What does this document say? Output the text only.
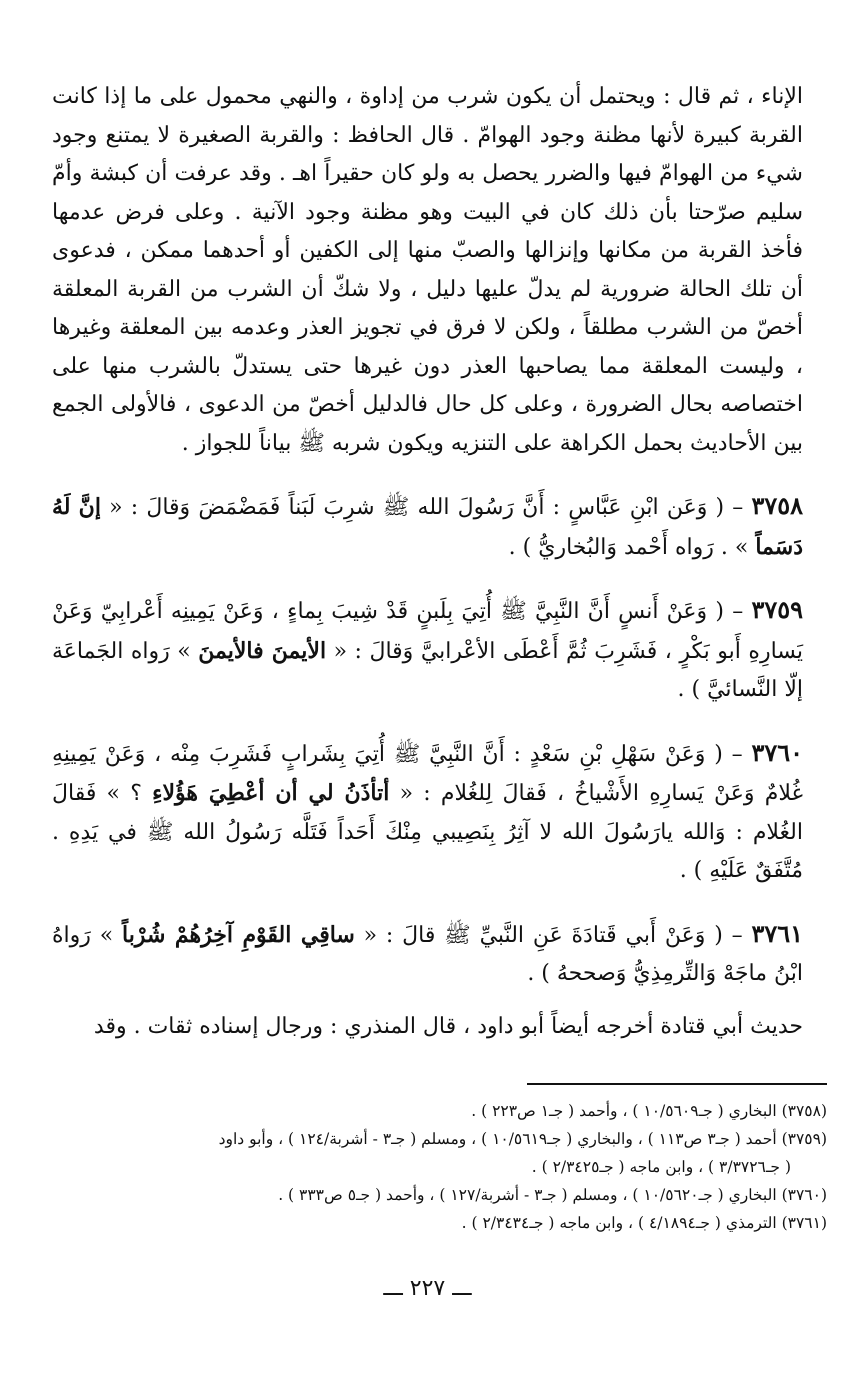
الإناء ، ثم قال : ويحتمل أن يكون شرب من إداوة ، والنهي محمول على ما إذا كانت القربة كبيرة لأنها مظنة وجود الهوامّ . قال الحافظ : والقربة الصغيرة لا يمتنع وجود شيء من الهوامّ فيها والضرر يحصل به ولو كان حقيراً اهـ . وقد عرفت أن كبشة وأمّ سليم صرّحتا بأن ذلك كان في البيت وهو مظنة وجود الآنية . وعلى فرض عدمها فأخذ القربة من مكانها وإنزالها والصبّ منها إلى الكفين أو أحدهما ممكن ، فدعوى أن تلك الحالة ضرورية لم يدلّ عليها دليل ، ولا شكّ أن الشرب من القربة المعلقة أخصّ من الشرب مطلقاً ، ولكن لا فرق في تجويز العذر وعدمه بين المعلقة وغيرها ، وليست المعلقة مما يصاحبها العذر دون غيرها حتى يستدلّ بالشرب منها على اختصاصه بحال الضرورة ، وعلى كل حال فالدليل أخصّ من الدعوى ، فالأولى الجمع بين الأحاديث بحمل الكراهة على التنزيه ويكون شربه ﷺ بياناً للجواز .

٣٧٥٨ – ( وَعَن ابْنِ عَبَّاسٍ : أَنَّ رَسُولَ الله ﷺ شرِبَ لَبَناً فَمَضْمَضَ وَقالَ : « إنَّ لَهُ دَسَماً » . رَواه أَحْمد وَالبُخاريُّ ) .

٣٧٥٩ – ( وَعَنْ أَنسٍ أَنَّ النَّبِيَّ ﷺ أُتِيَ بِلَبنٍ قَدْ شِيبَ بِماءٍ ، وَعَنْ يَمِينِه أَعْرابِيّ وَعَنْ يَسارِهِ أَبو بَكْرٍ ، فَشَرِبَ ثُمَّ أَعْطَى الأعْرابيَّ وَقالَ : « الأيمنَ فالأيمنَ » رَواه الجَماعَة إلّا النَّسائيَّ ) .

٣٧٦٠ – ( وَعَنْ سَهْلِ بْنِ سَعْدٍ : أَنَّ النَّبِيَّ ﷺ أُتِيَ بِشَرابٍ فَشَرِبَ مِنْه ، وَعَنْ يَمِينِهِ غُلامٌ وَعَنْ يَسارِهِ الأَشْياخُ ، فَقالَ لِلغُلام : « أتأذَنُ لي أن أعْطِيَ هَؤُلاءِ ؟ » فَقالَ الغُلام : وَالله يارَسُولَ الله لا آثِرُ بِنَصِيبي مِنْكَ أَحَداً فَتَلَّه رَسُولُ الله ﷺ في يَدِهِ . مُتَّفَقٌ عَلَيْهِ ) .

٣٧٦١ – ( وَعَنْ أَبي قَتادَةَ عَنِ النَّبيِّ ﷺ قالَ : « ساقِي القَوْمِ آخِرُهُمْ شُرْباً » رَواهُ ابْنُ ماجَهْ وَالتِّرمِذِيُّ وَصححهُ ) .

حديث أبي قتادة أخرجه أيضاً أبو داود ، قال المنذري : ورجال إسناده ثقات . وقد

(٣٧٥٨) البخاري ( جـ١٠/٥٦٠٩ ) ، وأحمد ( جـ١ ص٢٢٣ ) .

(٣٧٥٩) أحمد ( جـ٣ ص١١٣ ) ، والبخاري ( جـ١٠/٥٦١٩ ) ، ومسلم ( جـ٣ - أشربة/١٢٤ ) ، وأبو داود
( جـ٣/٣٧٢٦ ) ، وابن ماجه ( جـ٢/٣٤٢٥ ) .

(٣٧٦٠) البخاري ( جـ١٠/٥٦٢٠ ) ، ومسلم ( جـ٣ - أشربة/١٢٧ ) ، وأحمد ( جـ٥ ص٣٣٣ ) .

(٣٧٦١) الترمذي ( جـ٤/١٨٩٤ ) ، وابن ماجه ( جـ٢/٣٤٣٤ ) .

ـــ ٢٢٧ ـــ
